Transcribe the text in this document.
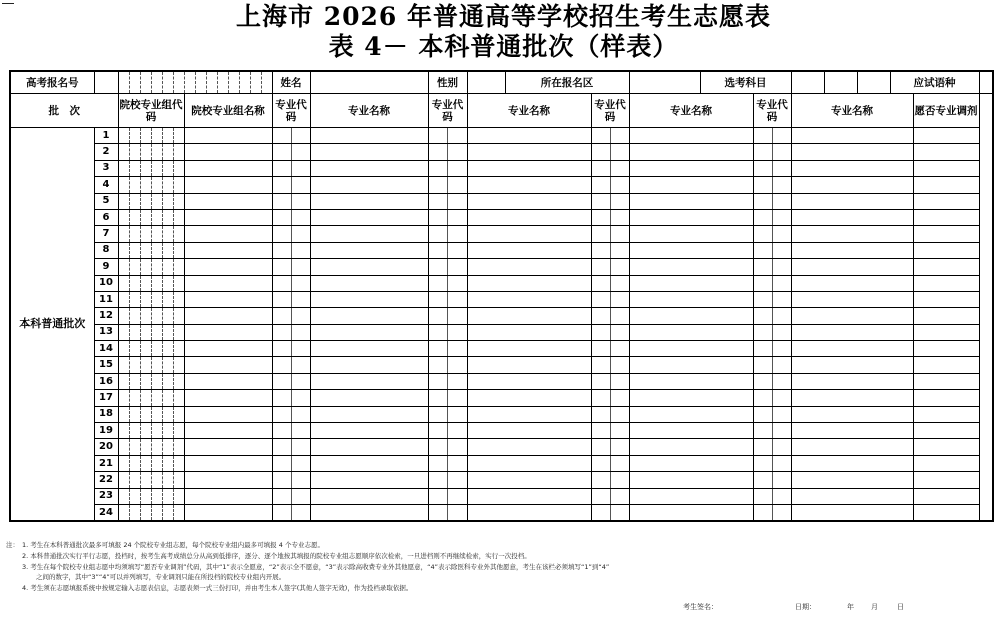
上海市 2026 年普通高等学校招生考生志愿表
表 4－ 本科普通批次（样表）
高考报名号																姓名		性别	所在报名区		选考科目		应试语种		

批　次		院校专业组代码						院校专业组名称								专业代码	专业名称	专业代码	专业名称	专业代码	专业名称	专业代码	专业名称	愿否专业调剂	
本科普通批次	1																								
	2																								
	3																								
	4																								
	5																								
	6																								
	7																								
	8																								
	9																								
	10																								
	11																								
	12																								
	13																								
	14																								
	15																								
	16																								
	17																								
	18																								
	19																								
	20																								
	21																								
	22																								
	23																								
	24																								
注： 1. 考生在本科普通批次最多可填报 24 个院校专业组志愿，每个院校专业组内最多可填报 4 个专业志愿。
2. 本科普通批次实行平行志愿，投档时，按考生高考成绩总分从高到低排序，逐分、逐个地按其填报的院校专业组志愿顺序依次检索，一旦进档则不再继续检索，实行一次投档。
3. 考生在每个院校专业组志愿中均须填写“愿否专业调剂”代码，其中“1”表示全愿意，“2”表示全不愿意，“3”表示除高收费专业外其他愿意，“4”表示除医科专业外其他愿意，考生在该栏必须填写“1”到“4”
之间的数字，其中“3”“4”可以并列填写，专业调剂只能在所投档的院校专业组内开展。
4. 考生须在志愿填报系统中按规定输入志愿表信息，志愿表须一式三份打印，并由考生本人签字(其他人签字无效)，作为投档录取依据。
考生签名：	日期：	年 月	日
